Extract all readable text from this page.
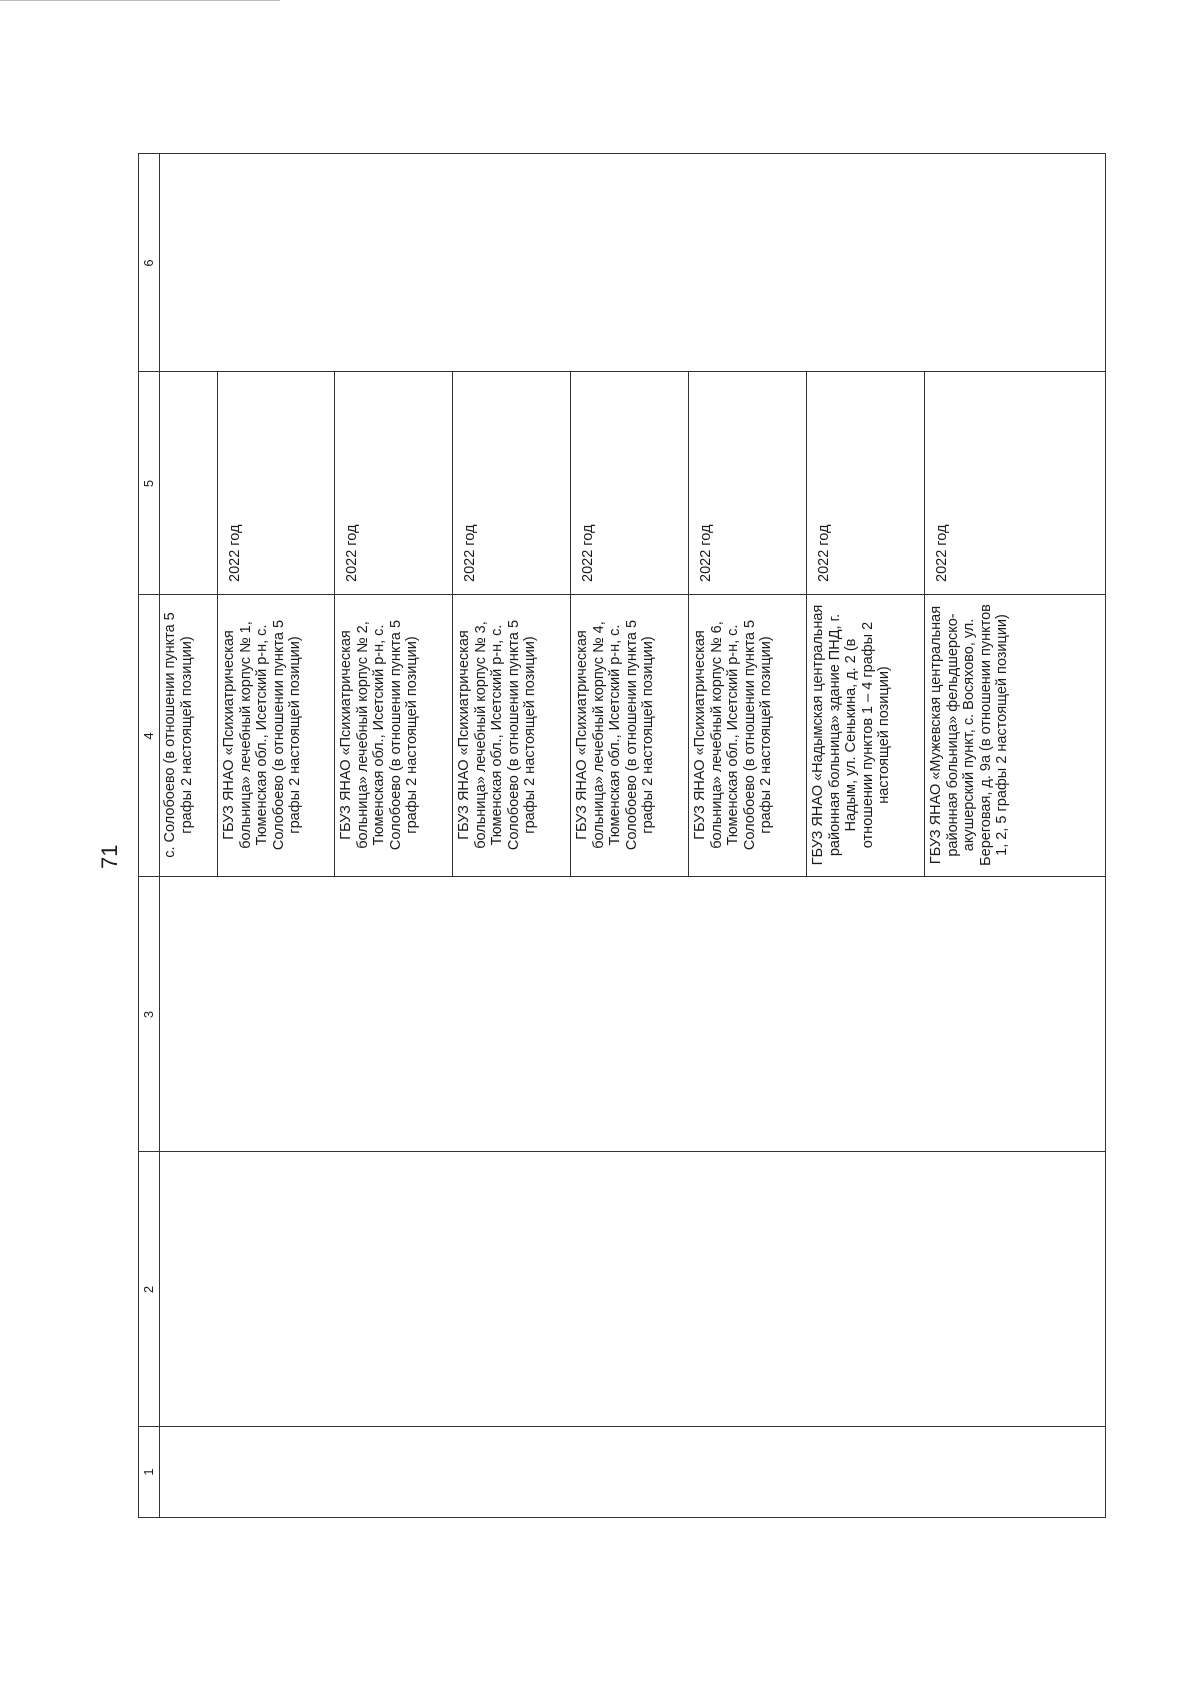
71
1
2
3
4
5
6
с. Солобоево (в отношении пункта 5 графы 2 настоящей позиции)	ГБУЗ ЯНАО «Психиатрическая больница» лечебный корпус № 1, Тюменская обл., Исетский р-н, с. Солобоево (в отношении пункта 5 графы 2 настоящей позиции)
2022 год
ГБУЗ ЯНАО «Психиатрическая больница» лечебный корпус № 2, Тюменская обл., Исетский р-н, с. Солобоево (в отношении пункта 5 графы 2 настоящей позиции)
2022 год
ГБУЗ ЯНАО «Психиатрическая больница» лечебный корпус № 3, Тюменская обл., Исетский р-н, с. Солобоево (в отношении пункта 5 графы 2 настоящей позиции)
2022 год
ГБУЗ ЯНАО «Психиатрическая больница» лечебный корпус № 4, Тюменская обл., Исетский р-н, с. Солобоево (в отношении пункта 5 графы 2 настоящей позиции)
2022 год
ГБУЗ ЯНАО «Психиатрическая больница» лечебный корпус № 6, Тюменская обл., Исетский р-н, с. Солобоево (в отношении пункта 5 графы 2 настоящей позиции)
2022 год
ГБУЗ ЯНАО «Надымская центральная районная больница» здание ПНД, г. Надым, ул. Сенькина, д. 2 (в отношении пунктов 1 – 4 графы 2 настоящей позиции)
2022 год
ГБУЗ ЯНАО «Мужевская центральная районная больница» фельдшерско-акушерский пункт, с. Восяхово, ул. Береговая, д. 9а (в отношении пунктов 1, 2, 5 графы 2 настоящей позиции)
2022 год
